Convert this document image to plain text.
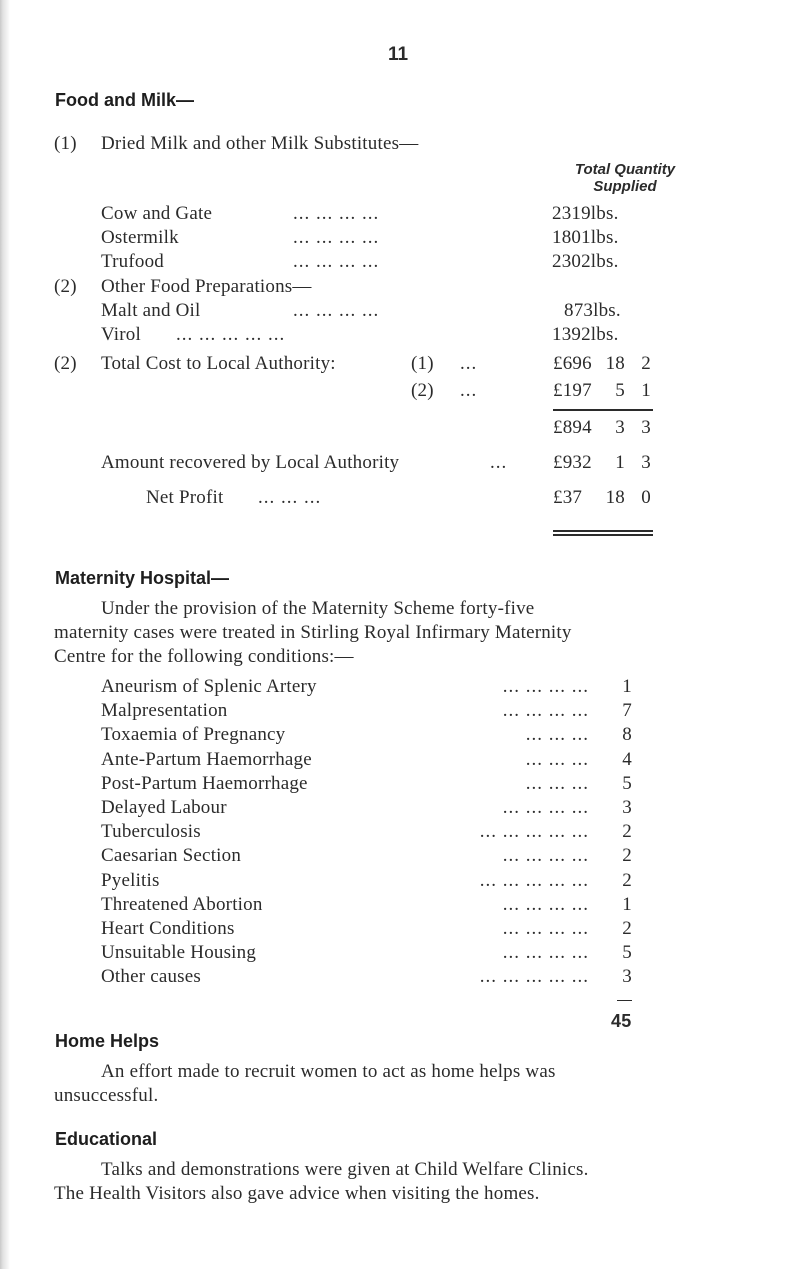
11
Food and Milk—
(1) Dried Milk and other Milk Substitutes—
Total Quantity
Supplied
Cow and Gate	... ... ... ...	2319lbs.
Ostermilk	... ... ... ...	1801lbs.
Trufood	... ... ... ...	2302lbs.
(2) Other Food Preparations—
Malt and Oil	... ... ... ...	873lbs.
Virol ... ... ... ... ...	1392lbs.
(2) Total Cost to Local Authority:	(1) ...	£696 18 2
(2) ...	£197	5 1
£894	3 3
Amount recovered by Local Authority	... £932	1 3
Net Profit ... ... ...	£37	18 0
Maternity Hospital—
Under the provision of the Maternity Scheme forty-five
maternity cases were treated in Stirling Royal Infirmary Maternity
Centre for the following conditions:—
Aneurism of Splenic Artery	... ... ... ...	1
Malpresentation	... ... ... ...	7
Toxaemia of Pregnancy	... ... ...	8
Ante-Partum Haemorrhage	... ... ...	4
Post-Partum Haemorrhage	... ... ...	5
Delayed Labour	... ... ... ...	3
Tuberculosis	... ... ... ... ...	2
Caesarian Section	... ... ... ...	2
Pyelitis	... ... ... ... ...	2
Threatened Abortion	... ... ... ...	1
Heart Conditions	... ... ... ...	2
Unsuitable Housing	... ... ... ...	5
Other causes	... ... ... ... ...	3
45
Home Helps
An effort made to recruit women to act as home helps was
unsuccessful.
Educational
Talks and demonstrations were given at Child Welfare Clinics.
The Health Visitors also gave advice when visiting the homes.
